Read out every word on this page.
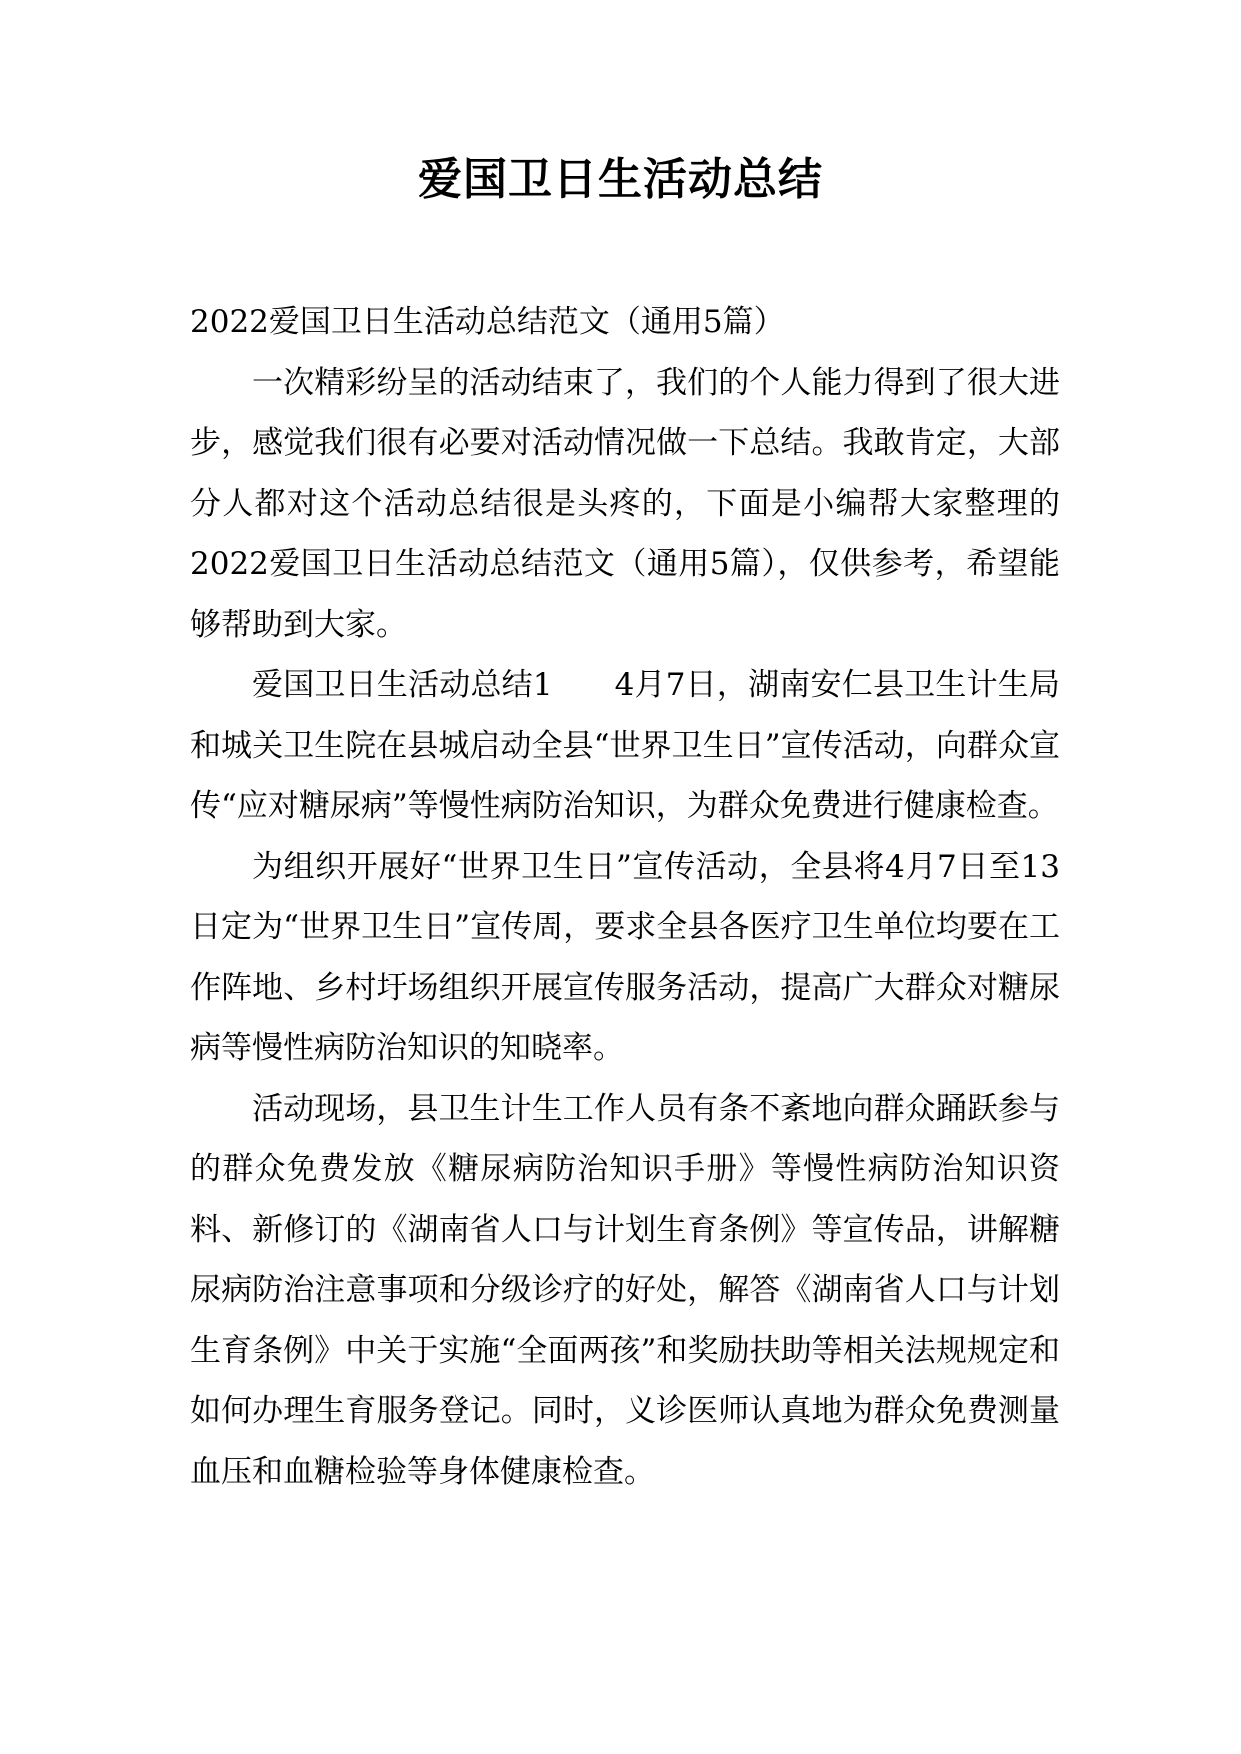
爱国卫日生活动总结

2022爱国卫日生活动总结范文（通用5篇）

一次精彩纷呈的活动结束了，我们的个人能力得到了很大进步，感觉我们很有必要对活动情况做一下总结。我敢肯定，大部分人都对这个活动总结很是头疼的，下面是小编帮大家整理的2022爱国卫日生活动总结范文（通用5篇），仅供参考，希望能够帮助到大家。

爱国卫日生活动总结1 4月7日，湖南安仁县卫生计生局和城关卫生院在县城启动全县“世界卫生日”宣传活动，向群众宣传“应对糖尿病”等慢性病防治知识，为群众免费进行健康检查。

为组织开展好“世界卫生日”宣传活动，全县将4月7日至13日定为“世界卫生日”宣传周，要求全县各医疗卫生单位均要在工作阵地、乡村圩场组织开展宣传服务活动，提高广大群众对糖尿病等慢性病防治知识的知晓率。

活动现场，县卫生计生工作人员有条不紊地向群众踊跃参与的群众免费发放《糖尿病防治知识手册》等慢性病防治知识资料、新修订的《湖南省人口与计划生育条例》等宣传品，讲解糖尿病防治注意事项和分级诊疗的好处，解答《湖南省人口与计划生育条例》中关于实施“全面两孩”和奖励扶助等相关法规规定和如何办理生育服务登记。同时，义诊医师认真地为群众免费测量血压和血糖检验等身体健康检查。
